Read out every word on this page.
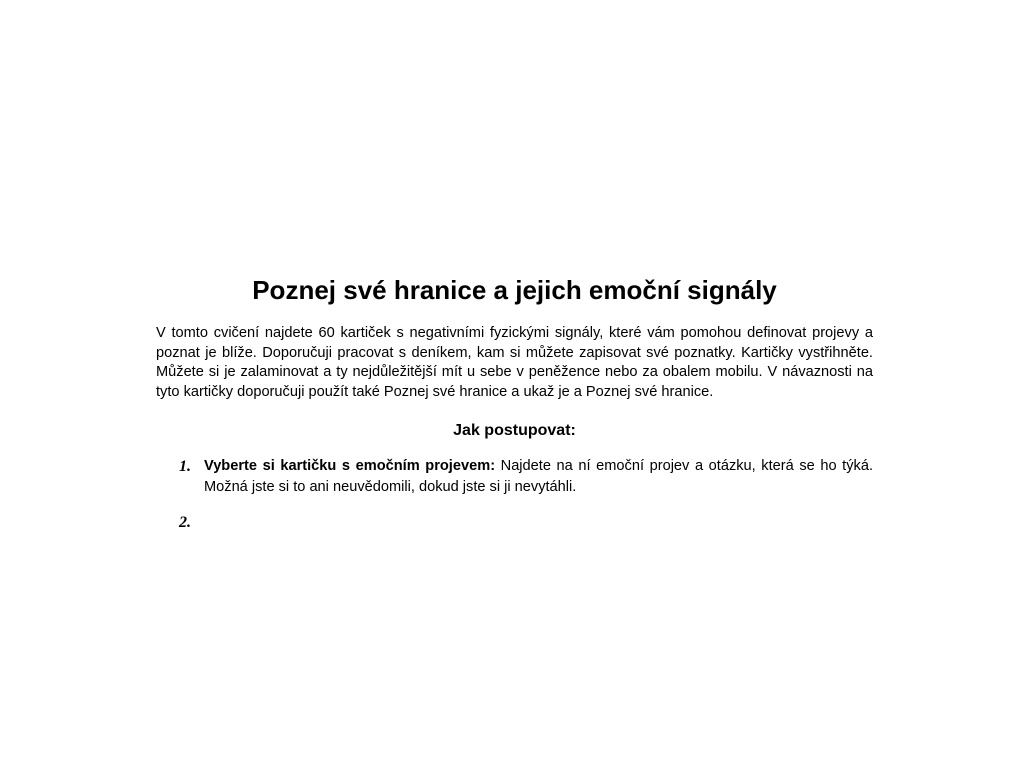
Poznej své hranice a jejich emoční signály

V tomto cvičení najdete 60 kartiček s negativními fyzickými signály, které vám pomohou definovat projevy a poznat je blíže. Doporučuji pracovat s deníkem, kam si můžete zapisovat své poznatky. Kartičky vystřihněte. Můžete si je zalaminovat a ty nejdůležitější mít u sebe v peněžence nebo za obalem mobilu. V návaznosti na tyto kartičky doporučuji použít také Poznej své hranice a ukaž je a Poznej své hranice.

Jak postupovat:
1. Vyberte si kartičku s emočním projevem: Najdete na ní emoční projev a otázku, která se ho týká. Možná jste si to ani neuvědomili, dokud jste si ji nevytáhli.
2.
